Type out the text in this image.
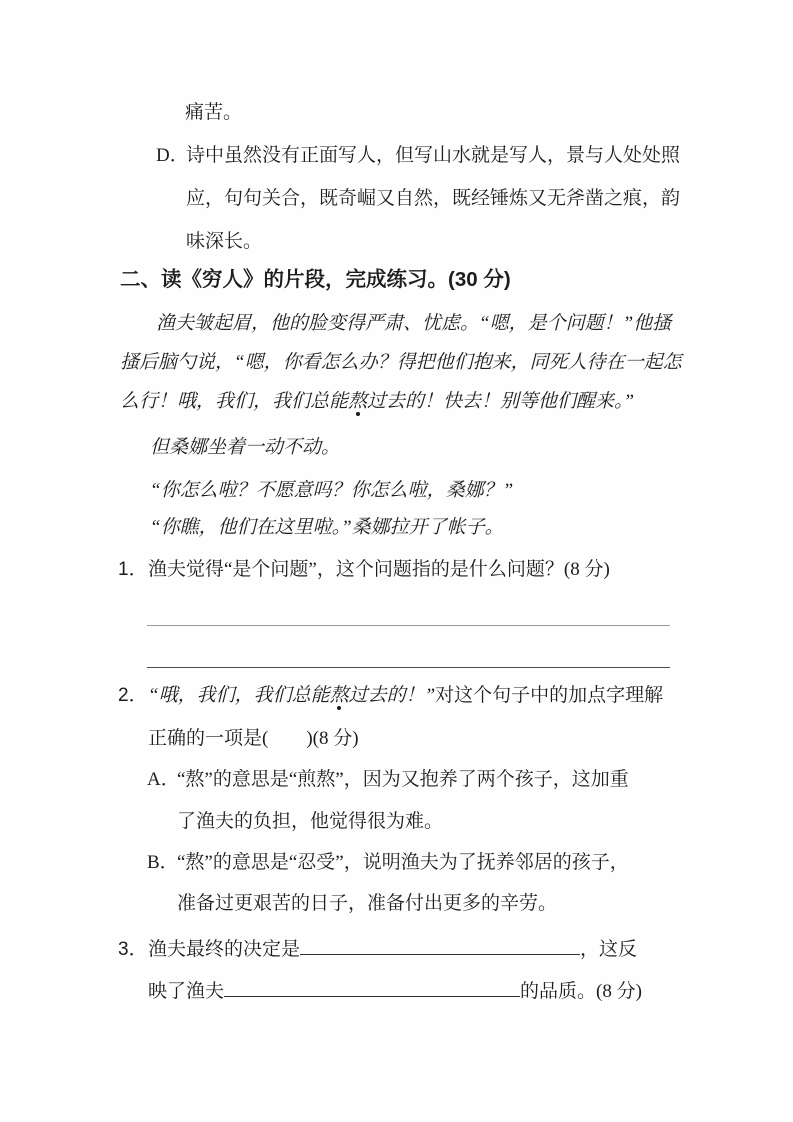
痛苦。
D．诗中虽然没有正面写人，但写山水就是写人，景与人处处照
应，句句关合，既奇崛又自然，既经锤炼又无斧凿之痕，韵
味深长。
二、读《穷人》的片段，完成练习。(30 分)
渔夫皱起眉，他的脸变得严肃、忧虑。“嗯，是个问题！”他搔
搔后脑勺说，“嗯，你看怎么办？得把他们抱来，同死人待在一起怎
么行！哦，我们，我们总能熬过去的！快去！别等他们醒来。”
但桑娜坐着一动不动。
“你怎么啦？不愿意吗？你怎么啦，桑娜？”
“你瞧，他们在这里啦。”桑娜拉开了帐子。
1．渔夫觉得“是个问题”，这个问题指的是什么问题？(8 分)
2．“哦，我们，我们总能熬过去的！”对这个句子中的加点字理解
正确的一项是(　　)(8 分)
A．“熬”的意思是“煎熬”，因为又抱养了两个孩子，这加重
了渔夫的负担，他觉得很为难。
B．“熬”的意思是“忍受”，说明渔夫为了抚养邻居的孩子，
准备过更艰苦的日子，准备付出更多的辛劳。
3．渔夫最终的决定是	，这反
映了渔夫	的品质。(8 分)
